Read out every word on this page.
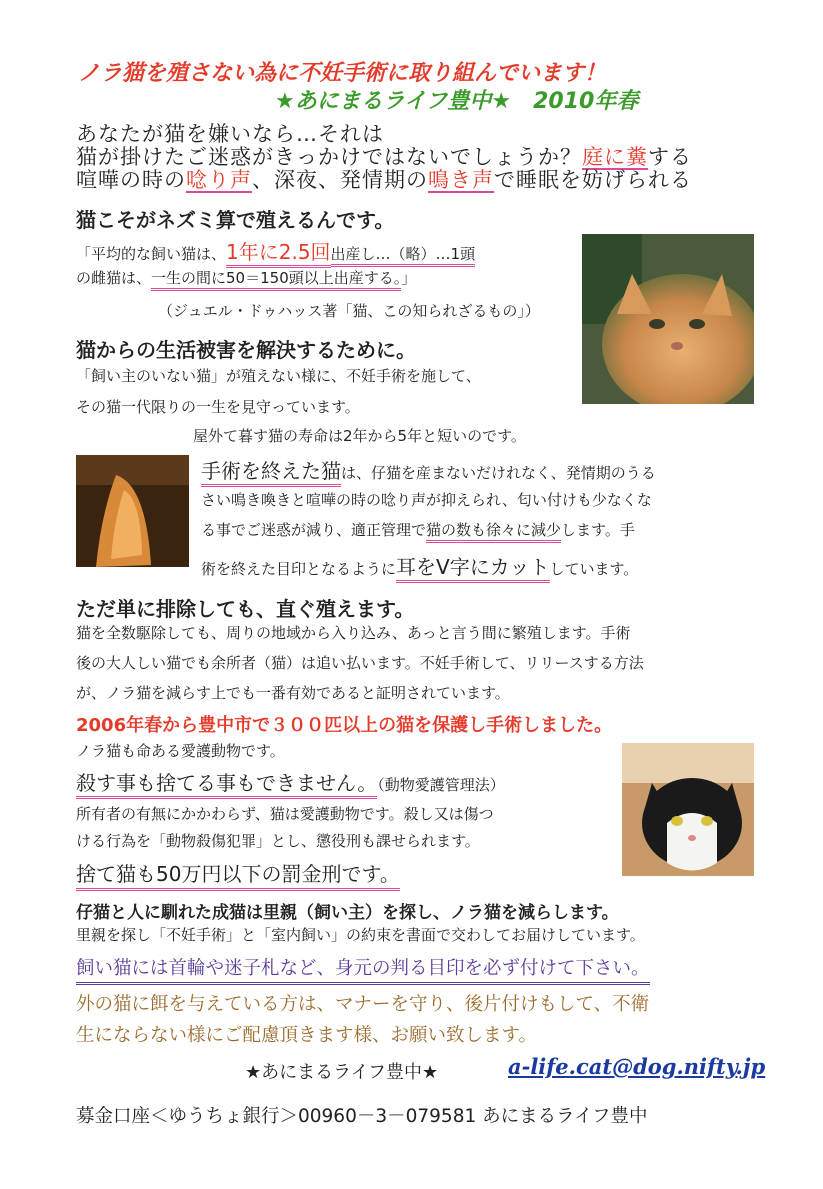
ノラ猫を殖さない為に不妊手術に取り組んでいます！
★あにまるライフ豊中★　2010年春
あなたが猫を嫌いなら…それは
猫が掛けたご迷惑がきっかけではないでしょうか？庭に糞する
喧嘩の時の唸り声、深夜、発情期の鳴き声で睡眠を妨げられる
猫こそがネズミ算で殖えるんです。
「平均的な飼い猫は、1年に2.5回出産し…（略）…1頭
の雌猫は、一生の間に50＝150頭以上出産する。」
（ジュエル・ドゥハッス著「猫、この知られざるもの」）
猫からの生活被害を解決するために。
「飼い主のいない猫」が殖えない様に、不妊手術を施して、
その猫一代限りの一生を見守っています。
屋外て暮す猫の寿命は2年から5年と短いのです。
手術を終えた猫は、仔猫を産まないだけれなく、発情期のうる
さい鳴き喚きと喧嘩の時の唸り声が抑えられ、匂い付けも少なくな
る事でご迷惑が減り、適正管理で猫の数も徐々に減少します。手
術を終えた目印となるように耳をV字にカットしています。
ただ単に排除しても、直ぐ殖えます。
猫を全数駆除しても、周りの地域から入り込み、あっと言う間に繁殖します。手術
後の大人しい猫でも余所者（猫）は追い払います。不妊手術して、リリースする方法
が、ノラ猫を減らす上でも一番有効であると証明されています。
2006年春から豊中市で３００匹以上の猫を保護し手術しました。
ノラ猫も命ある愛護動物です。
殺す事も捨てる事もできません。（動物愛護管理法）
所有者の有無にかかわらず、猫は愛護動物です。殺し又は傷つ
ける行為を「動物殺傷犯罪」とし、懲役刑も課せられます。
捨て猫も50万円以下の罰金刑です。
仔猫と人に馴れた成猫は里親（飼い主）を探し、ノラ猫を減らします。
里親を探し「不妊手術」と「室内飼い」の約束を書面で交わしてお届けしています。
飼い猫には首輪や迷子札など、身元の判る目印を必ず付けて下さい。
外の猫に餌を与えている方は、マナーを守り、後片付けもして、不衛
生にならない様にご配慮頂きます様、お願い致します。
★あにまるライフ豊中★	a-life.cat@dog.nifty.jp
募金口座＜ゆうちょ銀行＞00960－3－079581 あにまるライフ豊中
